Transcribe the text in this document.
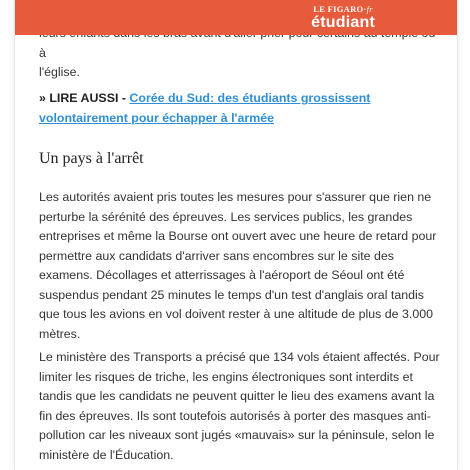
LE FIGARO·fr
étudiant
à
l'église.
» LIRE AUSSI - Corée du Sud: des étudiants grossissent volontairement pour échapper à l'armée
Un pays à l'arrêt
Les autorités avaient pris toutes les mesures pour s'assurer que rien ne perturbe la sérénité des épreuves. Les services publics, les grandes entreprises et même la Bourse ont ouvert avec une heure de retard pour permettre aux candidats d'arriver sans encombres sur le site des examens. Décollages et atterrissages à l'aéroport de Séoul ont été suspendus pendant 25 minutes le temps d'un test d'anglais oral tandis que tous les avions en vol doivent rester à une altitude de plus de 3.000 mètres.
Le ministère des Transports a précisé que 134 vols étaient affectés. Pour limiter les risques de triche, les engins électroniques sont interdits et tandis que les candidats ne peuvent quitter le lieu des examens avant la fin des épreuves. Ils sont toutefois autorisés à porter des masques anti-pollution car les niveaux sont jugés «mauvais» sur la péninsule, selon le ministère de l'Éducation.
